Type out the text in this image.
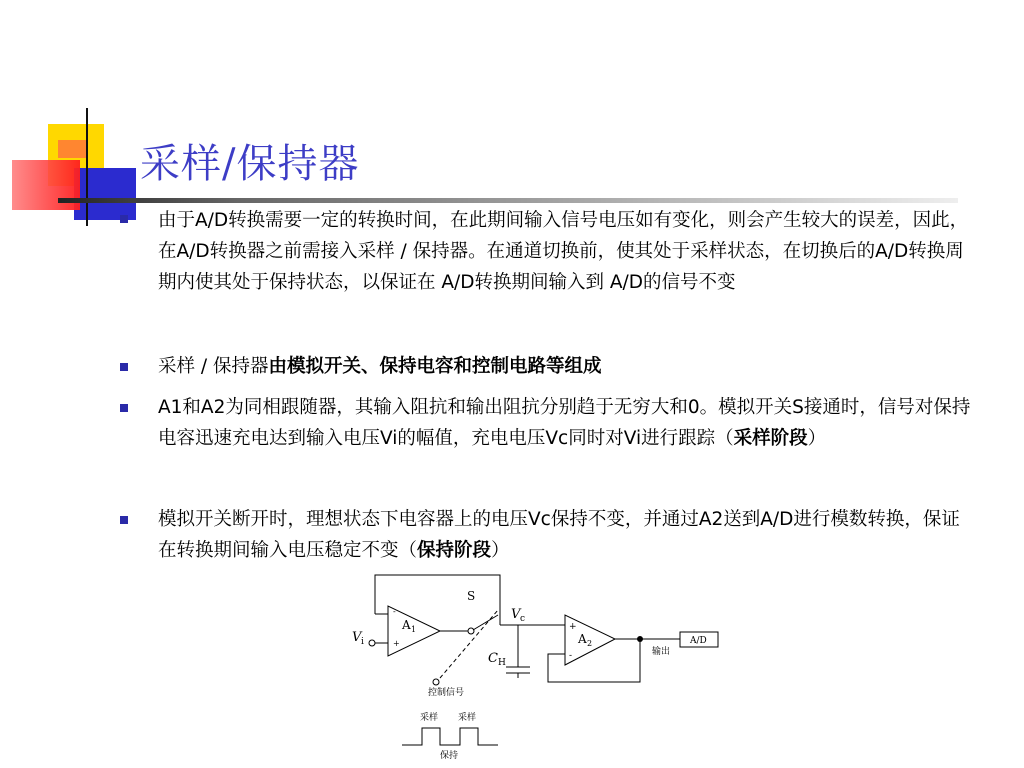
采样/保持器
由于A/D转换需要一定的转换时间，在此期间输入信号电压如有变化，则会产生较大的误差，因此，在A/D转换器之前需接入采样 / 保持器。在通道切换前，使其处于采样状态，在切换后的A/D转换周期内使其处于保持状态，以保证在 A/D转换期间输入到 A/D的信号不变
采样 / 保持器由模拟开关、保持电容和控制电路等组成
A1和A2为同相跟随器，其输入阻抗和输出阻抗分别趋于无穷大和0。模拟开关S接通时，信号对保持电容迅速充电达到输入电压Vi的幅值，充电电压Vc同时对Vi进行跟踪（采样阶段）
模拟开关断开时，理想状态下电容器上的电压Vc保持不变，并通过A2送到A/D进行模数转换，保证在转换期间输入电压稳定不变（保持阶段）
S
V c
V i
C H
A 1
A 2
-
+
+
-
A/D
输出
控制信号
采样 采样
保持
